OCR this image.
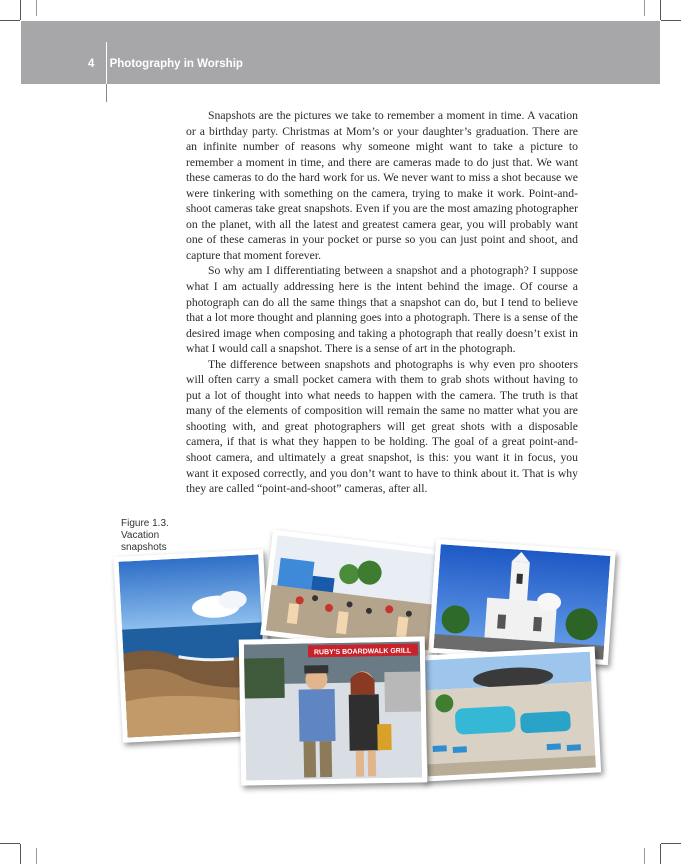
4 Photography in Worship

Snapshots are the pictures we take to remember a moment in time. A vacation or a birthday party. Christmas at Mom’s or your daughter’s graduation. There are an infinite number of reasons why someone might want to take a picture to remember a moment in time, and there are cameras made to do just that. We want these cameras to do the hard work for us. We never want to miss a shot because we were tinkering with something on the camera, trying to make it work. Point-and-shoot cameras take great snapshots. Even if you are the most amazing photographer on the planet, with all the latest and greatest camera gear, you will probably want one of these cameras in your pocket or purse so you can just point and shoot, and capture that moment forever.

So why am I differentiating between a snapshot and a photograph? I suppose what I am actually addressing here is the intent behind the image. Of course a photograph can do all the same things that a snapshot can do, but I tend to believe that a lot more thought and planning goes into a photograph. There is a sense of the desired image when composing and taking a photograph that really doesn’t exist in what I would call a snapshot. There is a sense of art in the photograph.

The difference between snapshots and photographs is why even pro shooters will often carry a small pocket camera with them to grab shots without having to put a lot of thought into what needs to happen with the camera. The truth is that many of the elements of composition will remain the same no matter what you are shooting with, and great photographers will get great shots with a disposable camera, if that is what they happen to be holding. The goal of a great point-and-shoot camera, and ultimately a great snapshot, is this: you want it in focus, you want it exposed correctly, and you don’t want to have to think about it. That is why they are called “point-and-shoot” cameras, after all.

Figure 1.3.
Vacation
snapshots
RUBY'S BOARDWALK GRILL
